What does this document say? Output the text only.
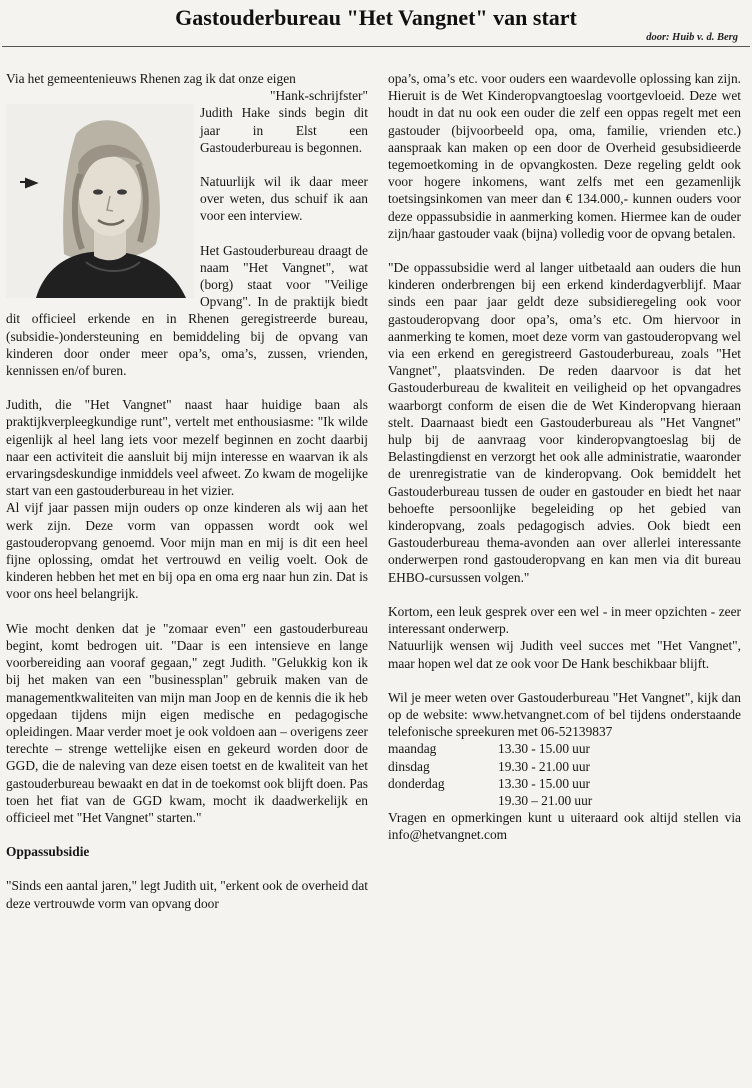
Gastouderbureau "Het Vangnet" van start
door: Huib v. d. Berg

Via het gemeentenieuws Rhenen zag ik dat onze eigen

"Hank-schrijfster"

Judith Hake sinds begin dit jaar in Elst een Gastouderbureau is begonnen.

Natuurlijk wil ik daar meer over weten, dus schuif ik aan voor een interview.

Het Gastouderbureau draagt de naam "Het Vangnet", wat (borg) staat voor "Veilige Opvang". In de praktijk biedt dit officieel erkende en in Rhenen geregistreerde bureau, (subsidie-)ondersteuning en bemiddeling bij de opvang van kinderen door onder meer opa’s, oma’s, zussen, vrienden, kennissen en/of buren.

Judith, die "Het Vangnet" naast haar huidige baan als praktijkverpleegkundige runt", vertelt met enthousiasme: "Ik wilde eigenlijk al heel lang iets voor mezelf beginnen en zocht daarbij naar een activiteit die aansluit bij mijn interesse en waarvan ik als ervaringsdeskundige inmiddels veel afweet. Zo kwam de mogelijke start van een gastouderbureau in het vizier.

Al vijf jaar passen mijn ouders op onze kinderen als wij aan het werk zijn. Deze vorm van oppassen wordt ook wel gastouderopvang genoemd. Voor mijn man en mij is dit een heel fijne oplossing, omdat het vertrouwd en veilig voelt. Ook de kinderen hebben het met en bij opa en oma erg naar hun zin. Dat is voor ons heel belangrijk.

Wie mocht denken dat je "zomaar even" een gastouderbureau begint, komt bedrogen uit. "Daar is een intensieve en lange voorbereiding aan vooraf gegaan," zegt Judith. "Gelukkig kon ik bij het maken van een "businessplan" gebruik maken van de managementkwaliteiten van mijn man Joop en de kennis die ik heb opgedaan tijdens mijn eigen medische en pedagogische opleidingen. Maar verder moet je ook voldoen aan – overigens zeer terechte – strenge wettelijke eisen en gekeurd worden door de GGD, die de naleving van deze eisen toetst en de kwaliteit van het gastouderbureau bewaakt en dat in de toekomst ook blijft doen. Pas toen het fiat van de GGD kwam, mocht ik daadwerkelijk en officieel met "Het Vangnet" starten."

Oppassubsidie

"Sinds een aantal jaren," legt Judith uit, "erkent ook de overheid dat deze vertrouwde vorm van opvang door

opa’s, oma’s etc. voor ouders een waardevolle oplossing kan zijn. Hieruit is de Wet Kinderopvangtoeslag voortgevloeid. Deze wet houdt in dat nu ook een ouder die zelf een oppas regelt met een gastouder (bijvoorbeeld opa, oma, familie, vrienden etc.) aanspraak kan maken op een door de Overheid gesubsidieerde tegemoetkoming in de opvangkosten. Deze regeling geldt ook voor hogere inkomens, want zelfs met een gezamenlijk toetsingsinkomen van meer dan € 134.000,- kunnen ouders voor deze oppassubsidie in aanmerking komen. Hiermee kan de ouder zijn/haar gastouder vaak (bijna) volledig voor de opvang betalen.

"De oppassubsidie werd al langer uitbetaald aan ouders die hun kinderen onderbrengen bij een erkend kinderdagverblijf. Maar sinds een paar jaar geldt deze subsidieregeling ook voor gastouderopvang door opa’s, oma’s etc. Om hiervoor in aanmerking te komen, moet deze vorm van gastouderopvang wel via een erkend en geregistreerd Gastouderbureau, zoals "Het Vangnet", plaatsvinden. De reden daarvoor is dat het Gastouderbureau de kwaliteit en veiligheid op het opvangadres waarborgt conform de eisen die de Wet Kinderopvang hieraan stelt. Daarnaast biedt een Gastouderbureau als "Het Vangnet" hulp bij de aanvraag voor kinderopvangtoeslag bij de Belastingdienst en verzorgt het ook alle administratie, waaronder de urenregistratie van de kinderopvang. Ook bemiddelt het Gastouderbureau tussen de ouder en gastouder en biedt het naar behoefte persoonlijke begeleiding op het gebied van kinderopvang, zoals pedagogisch advies. Ook biedt een Gastouderbureau thema-avonden aan over allerlei interessante onderwerpen rond gastouderopvang en kan men via dit bureau EHBO-cursussen volgen."

Kortom, een leuk gesprek over een wel - in meer opzichten - zeer interessant onderwerp.

Natuurlijk wensen wij Judith veel succes met "Het Vangnet", maar hopen wel dat ze ook voor De Hank beschikbaar blijft.

Wil je meer weten over Gastouderbureau "Het Vangnet", kijk dan op de website: www.hetvangnet.com of bel tijdens onderstaande telefonische spreekuren met 06-52139837

maandag	13.30 - 15.00 uur
dinsdag	19.30 - 21.00 uur
donderdag	13.30 - 15.00 uur
19.30 – 21.00 uur

Vragen en opmerkingen kunt u uiteraard ook altijd stellen via info@hetvangnet.com
